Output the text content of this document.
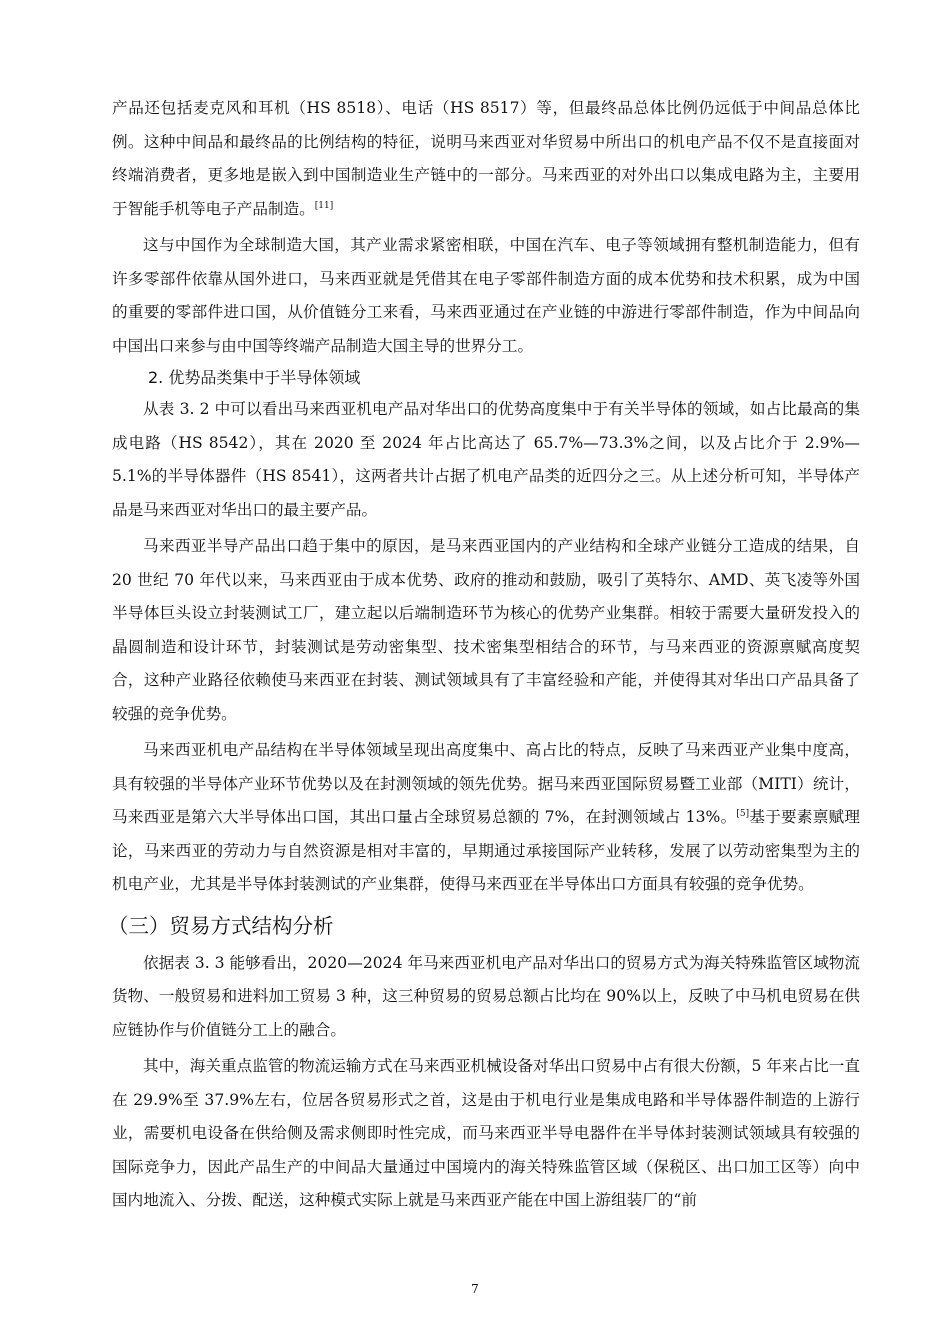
产品还包括麦克风和耳机（HS 8518）、电话（HS 8517）等，但最终品总体比例仍远低于中间品总体比例。这种中间品和最终品的比例结构的特征，说明马来西亚对华贸易中所出口的机电产品不仅不是直接面对终端消费者，更多地是嵌入到中国制造业生产链中的一部分。马来西亚的对外出口以集成电路为主，主要用于智能手机等电子产品制造。[11]

这与中国作为全球制造大国，其产业需求紧密相联，中国在汽车、电子等领域拥有整机制造能力，但有许多零部件依靠从国外进口，马来西亚就是凭借其在电子零部件制造方面的成本优势和技术积累，成为中国的重要的零部件进口国，从价值链分工来看，马来西亚通过在产业链的中游进行零部件制造，作为中间品向中国出口来参与由中国等终端产品制造大国主导的世界分工。

2. 优势品类集中于半导体领域

从表 3. 2 中可以看出马来西亚机电产品对华出口的优势高度集中于有关半导体的领域，如占比最高的集成电路（HS 8542），其在 2020 至 2024 年占比高达了 65.7%—73.3%之间，以及占比介于 2.9%—5.1%的半导体器件（HS 8541），这两者共计占据了机电产品类的近四分之三。从上述分析可知，半导体产品是马来西亚对华出口的最主要产品。

马来西亚半导产品出口趋于集中的原因，是马来西亚国内的产业结构和全球产业链分工造成的结果，自 20 世纪 70 年代以来，马来西亚由于成本优势、政府的推动和鼓励，吸引了英特尔、AMD、英飞凌等外国半导体巨头设立封装测试工厂，建立起以后端制造环节为核心的优势产业集群。相较于需要大量研发投入的晶圆制造和设计环节，封装测试是劳动密集型、技术密集型相结合的环节，与马来西亚的资源禀赋高度契合，这种产业路径依赖使马来西亚在封装、测试领域具有了丰富经验和产能，并使得其对华出口产品具备了较强的竞争优势。

马来西亚机电产品结构在半导体领域呈现出高度集中、高占比的特点，反映了马来西亚产业集中度高，具有较强的半导体产业环节优势以及在封测领域的领先优势。据马来西亚国际贸易暨工业部（MITI）统计，马来西亚是第六大半导体出口国，其出口量占全球贸易总额的 7%，在封测领域占 13%。[5]基于要素禀赋理论，马来西亚的劳动力与自然资源是相对丰富的，早期通过承接国际产业转移，发展了以劳动密集型为主的机电产业，尤其是半导体封装测试的产业集群，使得马来西亚在半导体出口方面具有较强的竞争优势。

（三）贸易方式结构分析

依据表 3. 3 能够看出，2020—2024 年马来西亚机电产品对华出口的贸易方式为海关特殊监管区域物流货物、一般贸易和进料加工贸易 3 种，这三种贸易的贸易总额占比均在 90%以上，反映了中马机电贸易在供应链协作与价值链分工上的融合。

其中，海关重点监管的物流运输方式在马来西亚机械设备对华出口贸易中占有很大份额，5 年来占比一直在 29.9%至 37.9%左右，位居各贸易形式之首，这是由于机电行业是集成电路和半导体器件制造的上游行业，需要机电设备在供给侧及需求侧即时性完成，而马来西亚半导电器件在半导体封装测试领域具有较强的国际竞争力，因此产品生产的中间品大量通过中国境内的海关特殊监管区域（保税区、出口加工区等）向中国内地流入、分拨、配送，这种模式实际上就是马来西亚产能在中国上游组装厂的“前

7
